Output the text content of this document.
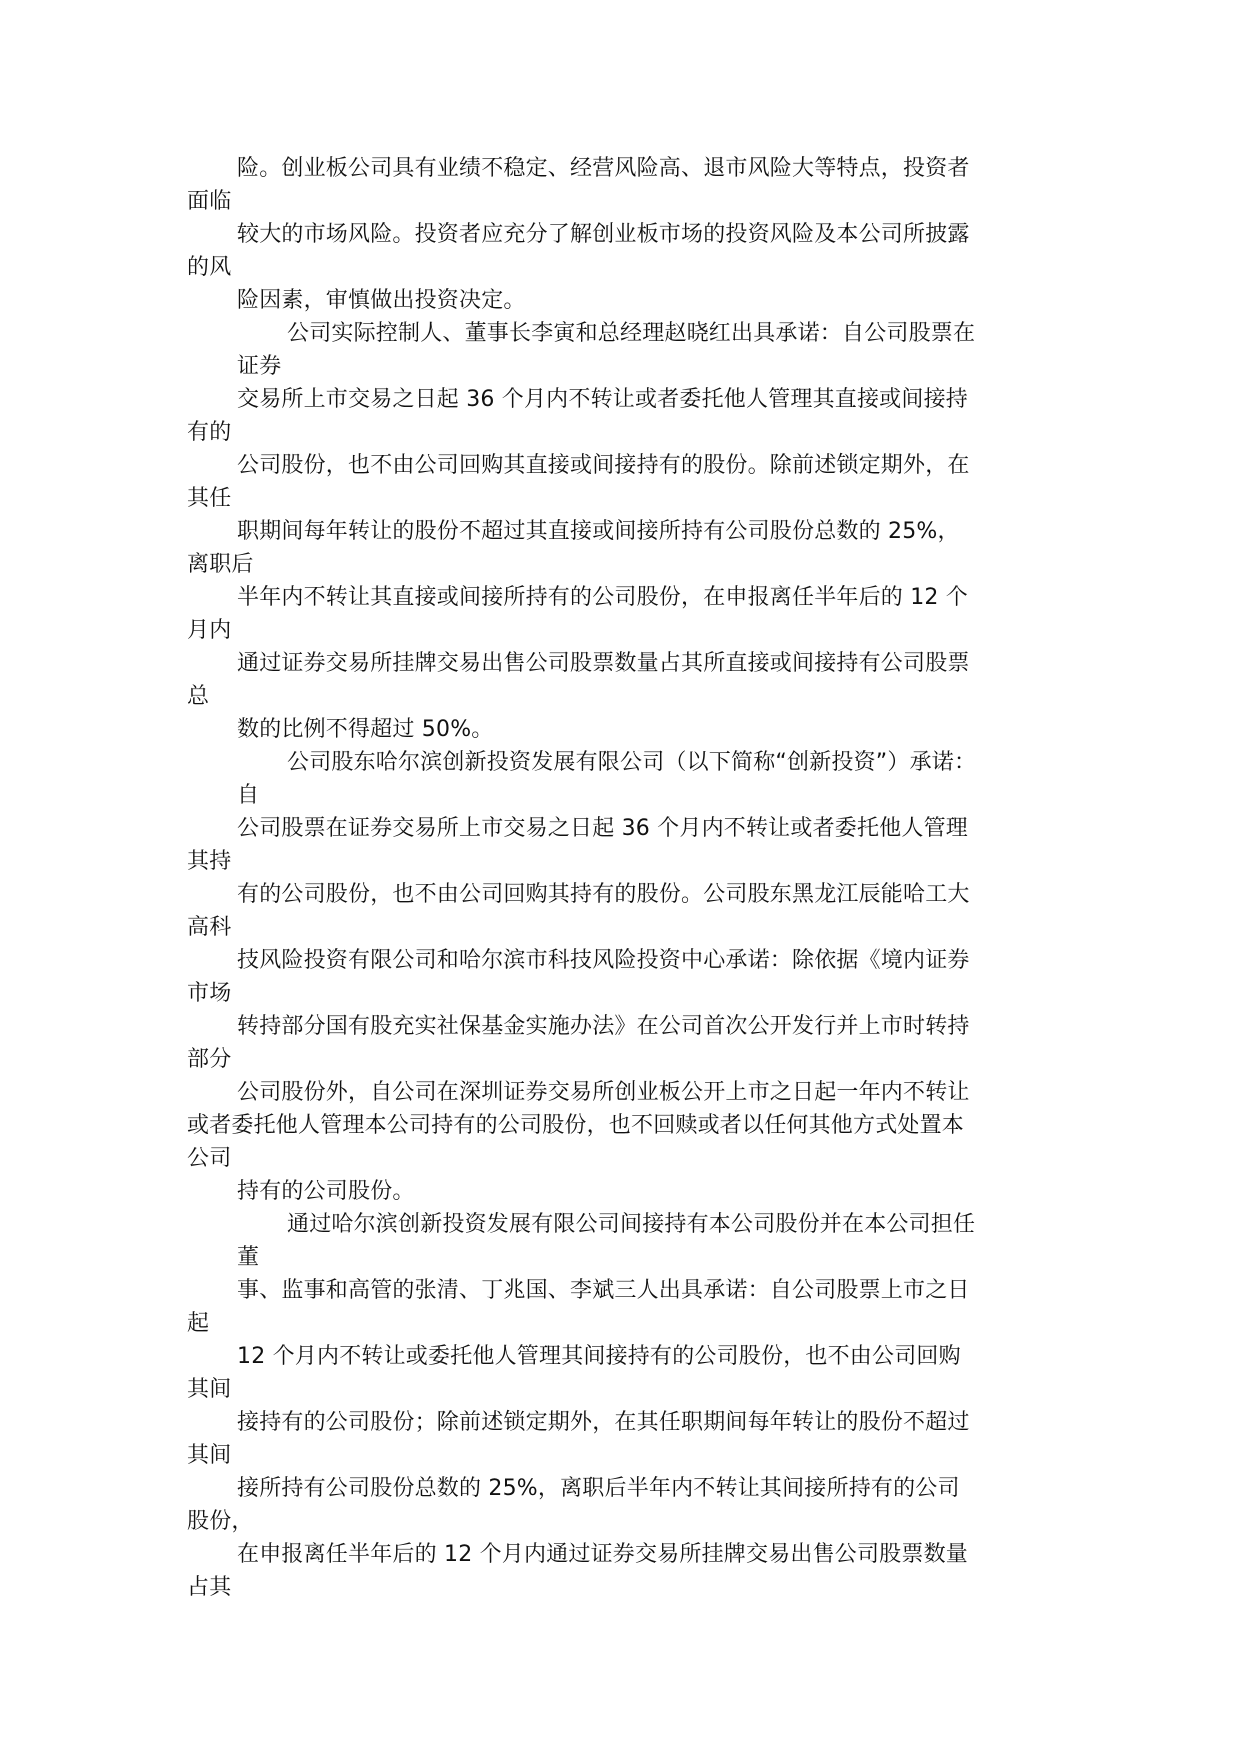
险。创业板公司具有业绩不稳定、经营风险高、退市风险大等特点，投资者
面临
较大的市场风险。投资者应充分了解创业板市场的投资风险及本公司所披露
的风
险因素，审慎做出投资决定。
公司实际控制人、董事长李寅和总经理赵晓红出具承诺：自公司股票在
证券
交易所上市交易之日起 36 个月内不转让或者委托他人管理其直接或间接持
有的
公司股份，也不由公司回购其直接或间接持有的股份。除前述锁定期外，在
其任
职期间每年转让的股份不超过其直接或间接所持有公司股份总数的 25%，
离职后
半年内不转让其直接或间接所持有的公司股份，在申报离任半年后的 12 个
月内
通过证券交易所挂牌交易出售公司股票数量占其所直接或间接持有公司股票
总
数的比例不得超过 50%。
公司股东哈尔滨创新投资发展有限公司（以下简称“创新投资”）承诺：
自
公司股票在证券交易所上市交易之日起 36 个月内不转让或者委托他人管理
其持
有的公司股份，也不由公司回购其持有的股份。公司股东黑龙江辰能哈工大
高科
技风险投资有限公司和哈尔滨市科技风险投资中心承诺：除依据《境内证券
市场
转持部分国有股充实社保基金实施办法》在公司首次公开发行并上市时转持
部分
公司股份外，自公司在深圳证券交易所创业板公开上市之日起一年内不转让
或者委托他人管理本公司持有的公司股份，也不回赎或者以任何其他方式处置本
公司
持有的公司股份。
通过哈尔滨创新投资发展有限公司间接持有本公司股份并在本公司担任
董
事、监事和高管的张清、丁兆国、李斌三人出具承诺：自公司股票上市之日
起
12 个月内不转让或委托他人管理其间接持有的公司股份，也不由公司回购
其间
接持有的公司股份；除前述锁定期外，在其任职期间每年转让的股份不超过
其间
接所持有公司股份总数的 25%，离职后半年内不转让其间接所持有的公司
股份，
在申报离任半年后的 12 个月内通过证券交易所挂牌交易出售公司股票数量
占其
